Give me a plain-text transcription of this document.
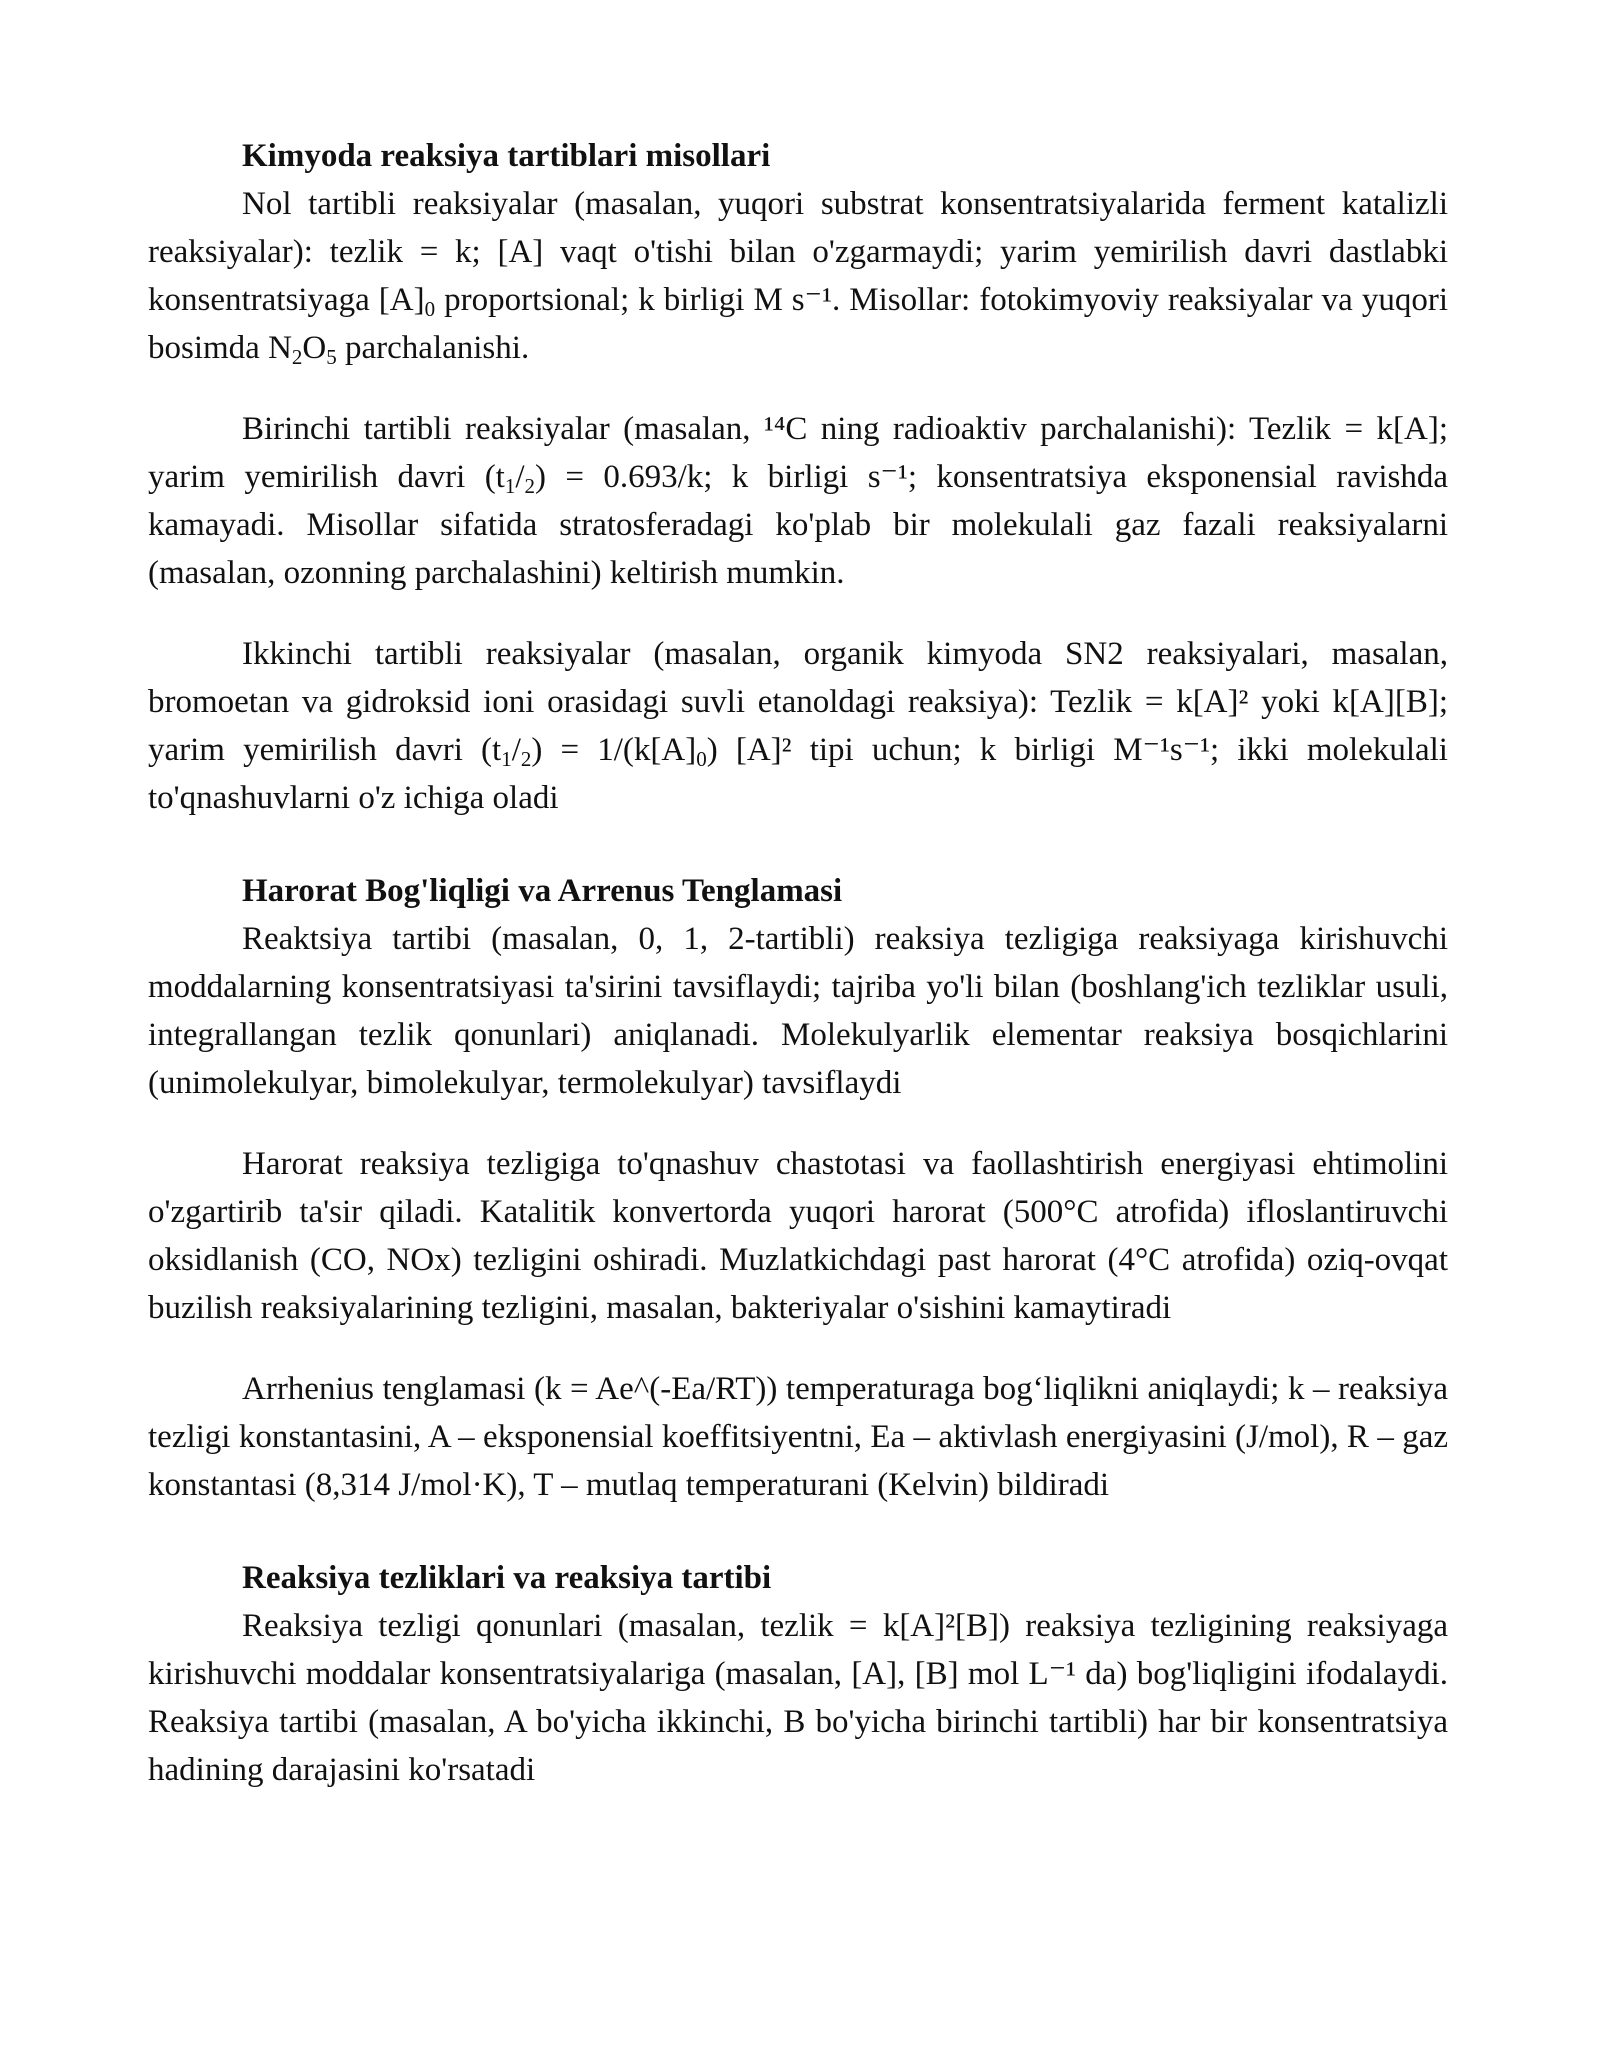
Kimyoda reaksiya tartiblari misollari

Nol tartibli reaksiyalar (masalan, yuqori substrat konsentratsiyalarida ferment katalizli reaksiyalar): tezlik = k; [A] vaqt o'tishi bilan o'zgarmaydi; yarim yemirilish davri dastlabki konsentratsiyaga $[A]_0$ proportsional; k birligi M s⁻¹. Misollar: fotokimyoviy reaksiyalar va yuqori bosimda $N_2O_5$ parchalanishi.

Birinchi tartibli reaksiyalar (masalan, ¹⁴C ning radioaktiv parchalanishi): Tezlik = k[A]; yarim yemirilish davri $(t_1/_2) = 0.693/k$; k birligi s⁻¹; konsentratsiya eksponensial ravishda kamayadi. Misollar sifatida stratosferadagi ko'plab bir molekulali gaz fazali reaksiyalarni (masalan, ozonning parchalashini) keltirish mumkin.

Ikkinchi tartibli reaksiyalar (masalan, organik kimyoda SN2 reaksiyalari, masalan, bromoetan va gidroksid ioni orasidagi suvli etanoldagi reaksiya): Tezlik = k[A]² yoki k[A][B]; yarim yemirilish davri $(t_1/_2) = 1/(k[A]_0)$ [A]² tipi uchun; k birligi M⁻¹s⁻¹; ikki molekulali to'qnashuvlarni o'z ichiga oladi

Harorat Bog'liqligi va Arrenus Tenglamasi

Reaktsiya tartibi (masalan, 0, 1, 2-tartibli) reaksiya tezligiga reaksiyaga kirishuvchi moddalarning konsentratsiyasi ta'sirini tavsiflaydi; tajriba yo'li bilan (boshlang'ich tezliklar usuli, integrallangan tezlik qonunlari) aniqlanadi. Molekulyarlik elementar reaksiya bosqichlarini (unimolekulyar, bimolekulyar, termolekulyar) tavsiflaydi

Harorat reaksiya tezligiga to'qnashuv chastotasi va faollashtirish energiyasi ehtimolini o'zgartirib ta'sir qiladi. Katalitik konvertorda yuqori harorat (500°C atrofida) ifloslantiruvchi oksidlanish (CO, NOx) tezligini oshiradi. Muzlatkichdagi past harorat (4°C atrofida) oziq-ovqat buzilish reaksiyalarining tezligini, masalan, bakteriyalar o'sishini kamaytiradi

Arrhenius tenglamasi (k = Ae^(-Ea/RT)) temperaturaga bogʻliqlikni aniqlaydi; k – reaksiya tezligi konstantasini, A – eksponensial koeffitsiyentni, Ea – aktivlash energiyasini (J/mol), R – gaz konstantasi (8,314 J/mol·K), T – mutlaq temperaturani (Kelvin) bildiradi

Reaksiya tezliklari va reaksiya tartibi

Reaksiya tezligi qonunlari (masalan, tezlik = k[A]²[B]) reaksiya tezligining reaksiyaga kirishuvchi moddalar konsentratsiyalariga (masalan, [A], [B] mol L⁻¹ da) bog'liqligini ifodalaydi. Reaksiya tartibi (masalan, A bo'yicha ikkinchi, B bo'yicha birinchi tartibli) har bir konsentratsiya hadining darajasini ko'rsatadi
